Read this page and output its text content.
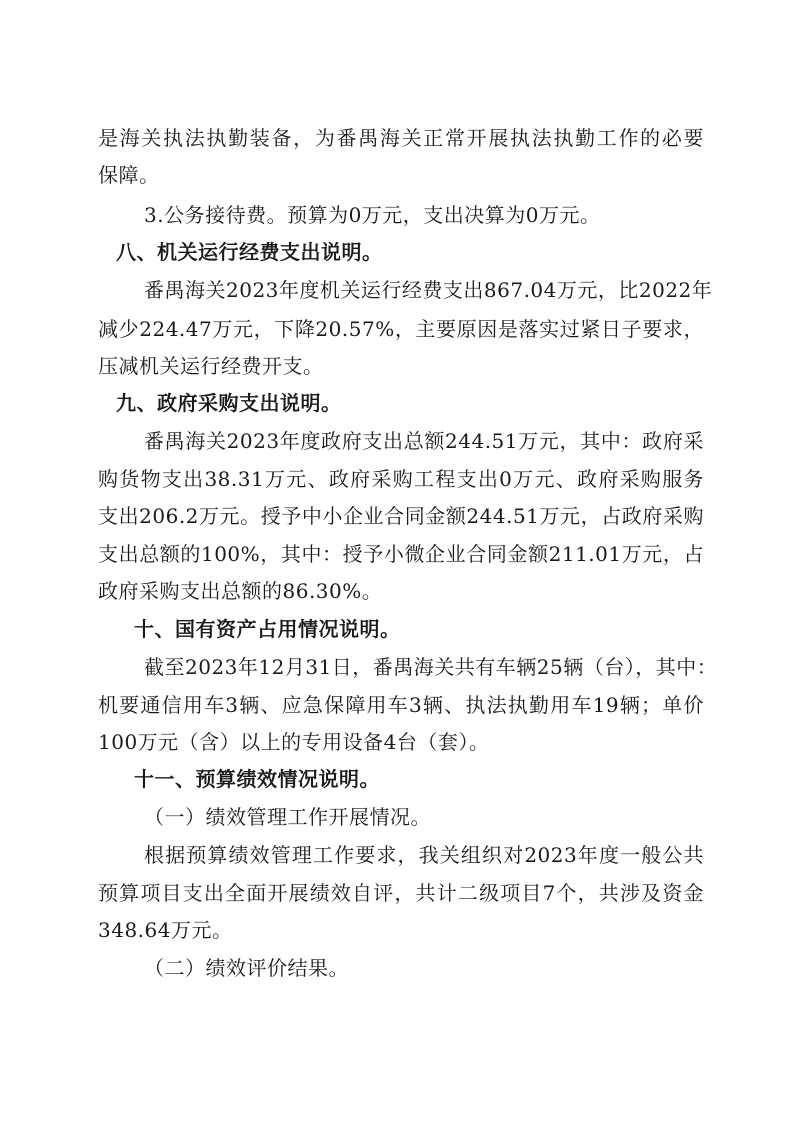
是海关执法执勤装备，为番禺海关正常开展执法执勤工作的必要
保障。
3.公务接待费。预算为0万元，支出决算为0万元。
八、机关运行经费支出说明。
番禺海关2023年度机关运行经费支出867.04万元，比2022年
减少224.47万元，下降20.57%，主要原因是落实过紧日子要求，
压减机关运行经费开支。
九、政府采购支出说明。
番禺海关2023年度政府支出总额244.51万元，其中：政府采
购货物支出38.31万元、政府采购工程支出0万元、政府采购服务
支出206.2万元。授予中小企业合同金额244.51万元，占政府采购
支出总额的100%，其中：授予小微企业合同金额211.01万元，占
政府采购支出总额的86.30%。
十、国有资产占用情况说明。
截至2023年12月31日，番禺海关共有车辆25辆（台），其中：
机要通信用车3辆、应急保障用车3辆、执法执勤用车19辆；单价
100万元（含）以上的专用设备4台（套）。
十一、预算绩效情况说明。
（一）绩效管理工作开展情况。
根据预算绩效管理工作要求，我关组织对2023年度一般公共
预算项目支出全面开展绩效自评，共计二级项目7个，共涉及资金
348.64万元。
（二）绩效评价结果。
